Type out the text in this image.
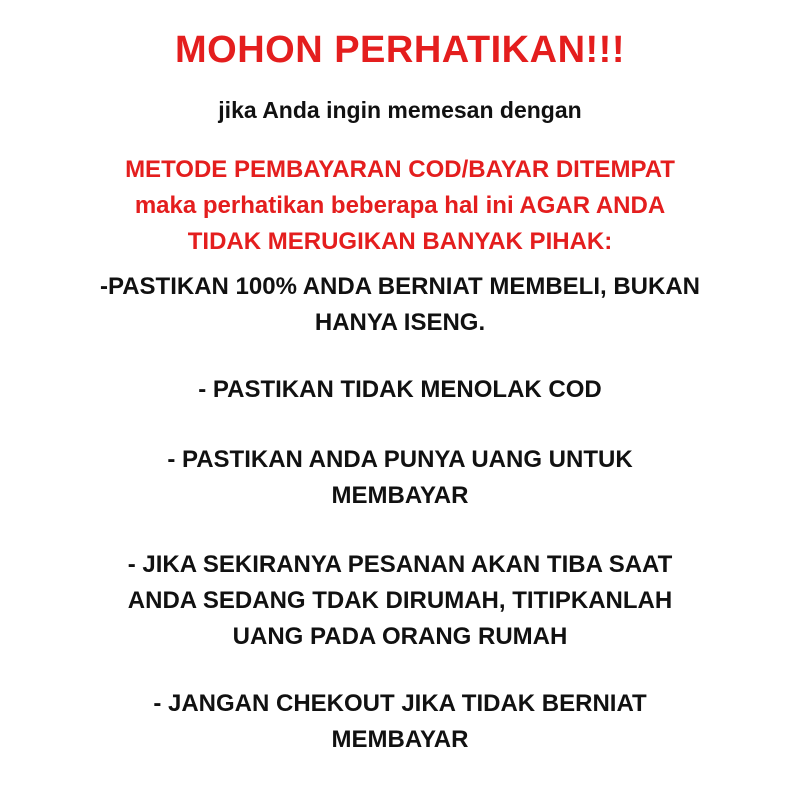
MOHON PERHATIKAN!!!
jika Anda ingin memesan dengan
METODE PEMBAYARAN COD/BAYAR DITEMPAT
maka perhatikan beberapa hal ini AGAR ANDA
TIDAK MERUGIKAN BANYAK PIHAK:
-PASTIKAN 100% ANDA BERNIAT MEMBELI, BUKAN
HANYA ISENG.
- PASTIKAN TIDAK MENOLAK COD
- PASTIKAN ANDA PUNYA UANG UNTUK
MEMBAYAR
- JIKA SEKIRANYA PESANAN AKAN TIBA SAAT
ANDA SEDANG TDAK DIRUMAH, TITIPKANLAH
UANG PADA ORANG RUMAH
- JANGAN CHEKOUT JIKA TIDAK BERNIAT
MEMBAYAR
